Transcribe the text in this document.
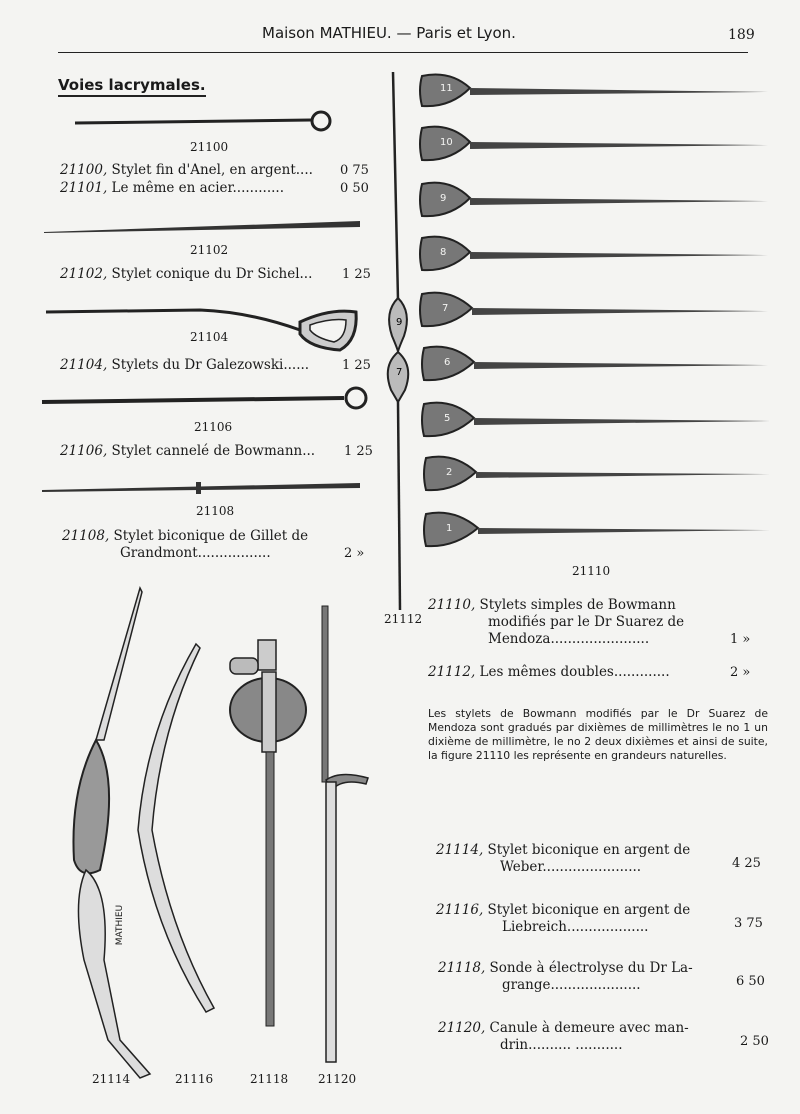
Maison MATHIEU. — Paris et Lyon.	189
Voies lacrymales.
9
7
11
10
9
8
7
6
5
2
1
MATHIEU
21100
21102
21104
21106
21108
21110
21112
21114	21116	21118 21120
21100, Stylet fin d'Anel, en argent.... 0 75
21101, Le même en acier............	0 50
21102, Stylet conique du Dr Sichel... 1 25
21104, Stylets du Dr Galezowski......	1 25
21106, Stylet cannelé de Bowmann... 1 25
21108, Stylet biconique de Gillet de
Grandmont.................	2 »
21110, Stylets simples de Bowmann
modifiés par le Dr Suarez de
Mendoza.......................	1 »
21112, Les mêmes doubles.............	2 »
Les stylets de Bowmann modifiés par le Dr Suarez de Mendoza sont gradués par dixièmes de millimètres le no 1 un dixième de millimètre, le no 2 deux dixièmes et ainsi de suite, la figure 21110 les représente en grandeurs naturelles.
21114, Stylet biconique en argent de
Weber.......................	4 25
21116, Stylet biconique en argent de
Liebreich...................	3 75
21118, Sonde à électrolyse du Dr La-
grange.....................	6 50
21120, Canule à demeure avec man-
drin.......... ...........	2 50
